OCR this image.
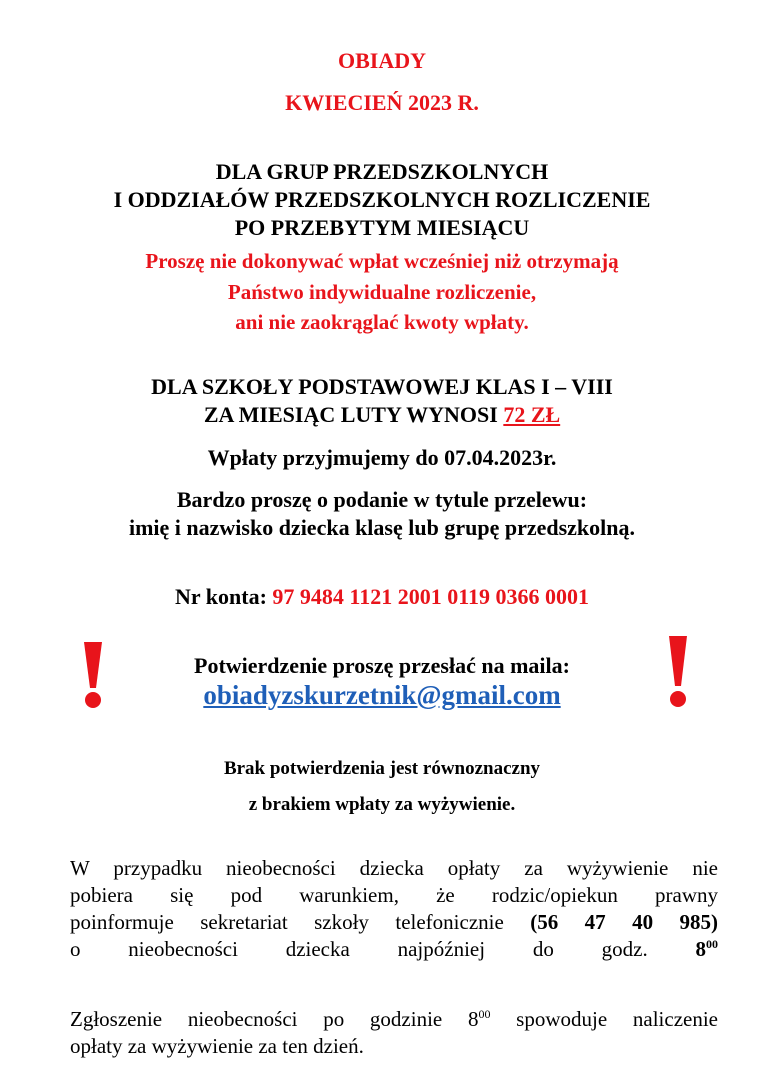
OBIADY
KWIECIEŃ 2023 R.
DLA GRUP PRZEDSZKOLNYCH
I ODDZIAŁÓW PRZEDSZKOLNYCH ROZLICZENIE
PO PRZEBYTYM MIESIĄCU
Proszę nie dokonywać wpłat wcześniej niż otrzymają
Państwo indywidualne rozliczenie,
ani nie zaokrąglać kwoty wpłaty.
DLA SZKOŁY PODSTAWOWEJ KLAS I – VIII
ZA MIESIĄC LUTY WYNOSI 72 ZŁ
Wpłaty przyjmujemy do 07.04.2023r.
Bardzo proszę o podanie w tytule przelewu:
imię i nazwisko dziecka klasę lub grupę przedszkolną.
Nr konta: 97 9484 1121 2001 0119 0366 0001
Potwierdzenie proszę przesłać na maila:
obiadyzskurzetnik@gmail.com
Brak potwierdzenia jest równoznaczny
z brakiem wpłaty za wyżywienie.
W przypadku nieobecności dziecka opłaty za wyżywienie nie
pobiera się pod warunkiem, że rodzic/opiekun prawny
poinformuje sekretariat szkoły telefonicznie (56 47 40 985)
o nieobecności dziecka najpóźniej do godz. $8^{00}$
Zgłoszenie nieobecności po godzinie $8^{00}$ spowoduje naliczenie
opłaty za wyżywienie za ten dzień.
